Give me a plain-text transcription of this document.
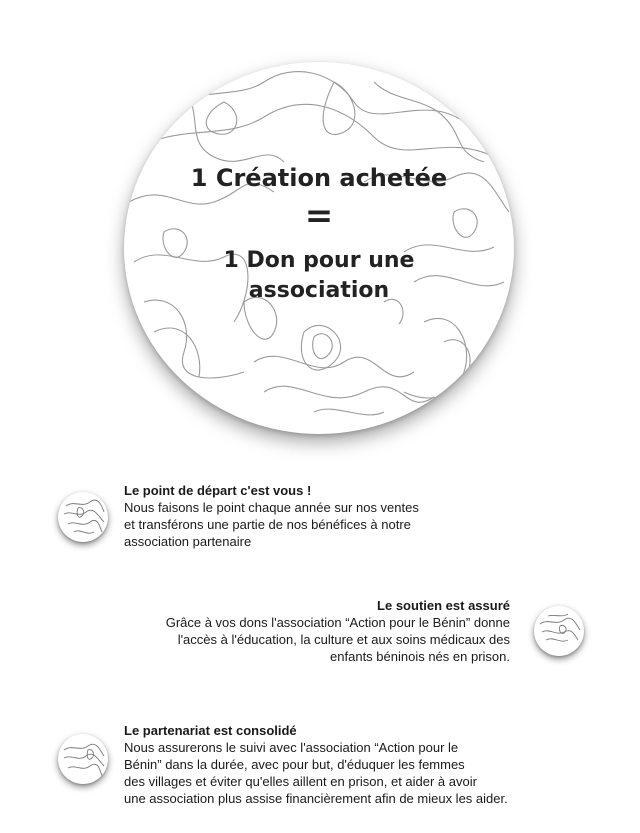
1 Création achetée
=
1 Don pour une association
Le point de départ c'est vous !
Nous faisons le point chaque année sur nos ventes
et transférons une partie de nos bénéfices à notre
association partenaire
Le soutien est assuré
Grâce à vos dons l'association “Action pour le Bénin” donne
l'accès à l'éducation, la culture et aux soins médicaux des
enfants béninois nés en prison.
Le partenariat est consolidé
Nous assurerons le suivi avec l'association “Action pour le
Bénin” dans la durée, avec pour but, d'éduquer les femmes
des villages et éviter qu'elles aillent en prison, et aider à avoir
une association plus assise financièrement afin de mieux les aider.
